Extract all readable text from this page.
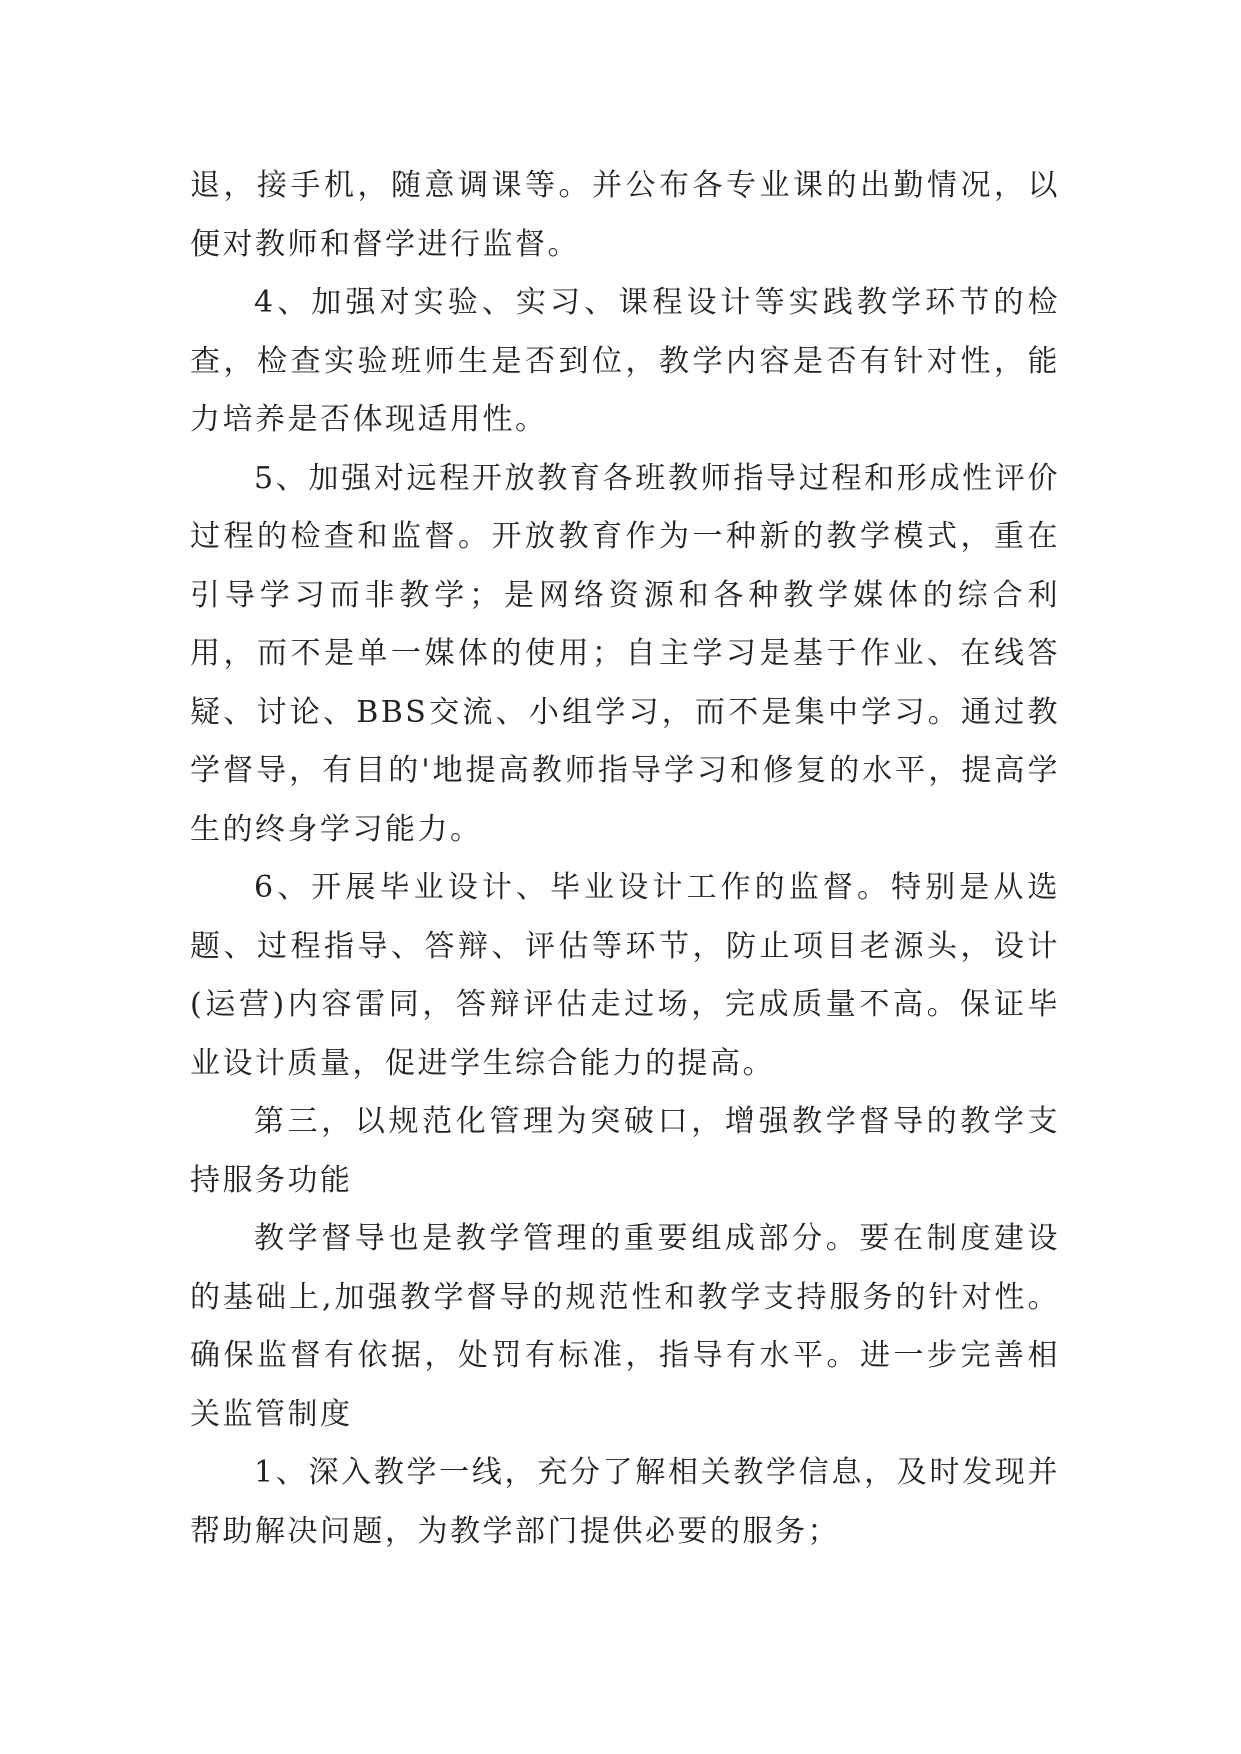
退，接手机，随意调课等。并公布各专业课的出勤情况，以便对教师和督学进行监督。

4、加强对实验、实习、课程设计等实践教学环节的检查，检查实验班师生是否到位，教学内容是否有针对性，能力培养是否体现适用性。

5、加强对远程开放教育各班教师指导过程和形成性评价过程的检查和监督。开放教育作为一种新的教学模式，重在引导学习而非教学；是网络资源和各种教学媒体的综合利用，而不是单一媒体的使用；自主学习是基于作业、在线答疑、讨论、BBS交流、小组学习，而不是集中学习。通过教学督导，有目的'地提高教师指导学习和修复的水平，提高学生的终身学习能力。

6、开展毕业设计、毕业设计工作的监督。特别是从选题、过程指导、答辩、评估等环节，防止项目老源头，设计(运营)内容雷同，答辩评估走过场，完成质量不高。保证毕业设计质量，促进学生综合能力的提高。

第三，以规范化管理为突破口，增强教学督导的教学支持服务功能

教学督导也是教学管理的重要组成部分。要在制度建设的基础上,加强教学督导的规范性和教学支持服务的针对性。确保监督有依据，处罚有标准，指导有水平。进一步完善相关监管制度

1、深入教学一线，充分了解相关教学信息，及时发现并帮助解决问题，为教学部门提供必要的服务；
